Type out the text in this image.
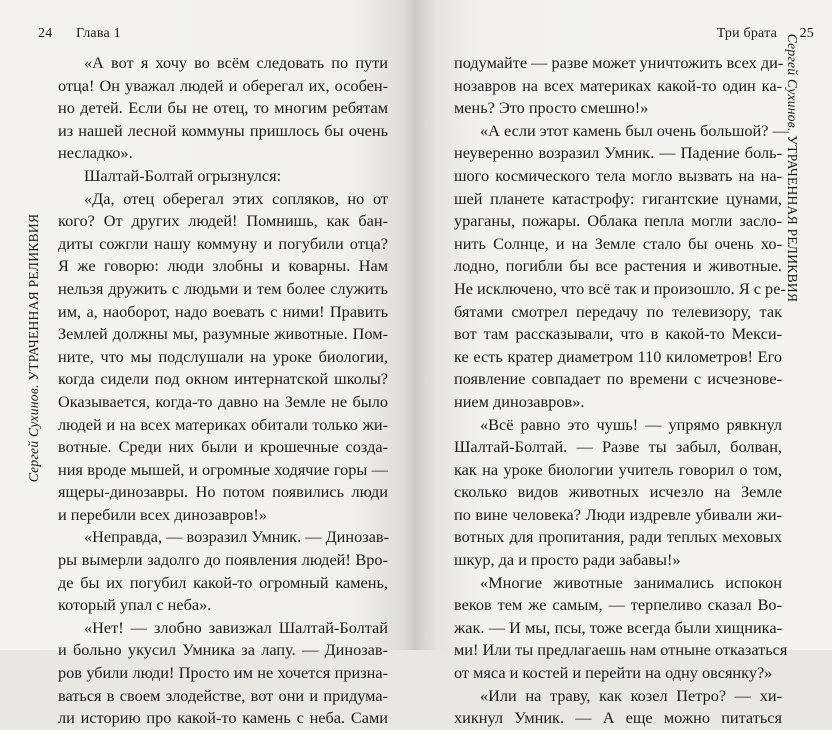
24 Глава 1
Сергей Сухинов. УТРАЧЕННАЯ РЕЛИКВИЯ
«А вот я хочу во всём следовать по пути
отца! Он уважал людей и оберегал их, особен-
но детей. Если бы не отец, то многим ребятам
из нашей лесной коммуны пришлось бы очень
несладко».
Шалтай-Болтай огрызнулся:
«Да, отец оберегал этих сопляков, но от
кого? От других людей! Помнишь, как бан-
диты сожгли нашу коммуну и погубили отца?
Я же говорю: люди злобны и коварны. Нам
нельзя дружить с людьми и тем более служить
им, а, наоборот, надо воевать с ними! Править
Землей должны мы, разумные животные. Пом-
ните, что мы подслушали на уроке биологии,
когда сидели под окном интернатской школы?
Оказывается, когда-то давно на Земле не было
людей и на всех материках обитали только жи-
вотные. Среди них были и крошечные созда-
ния вроде мышей, и огромные ходячие горы —
ящеры-динозавры. Но потом появились люди
и перебили всех динозавров!»
«Неправда, — возразил Умник. — Динозав-
ры вымерли задолго до появления людей! Вро-
де бы их погубил какой-то огромный камень,
который упал с неба».
«Нет! — злобно завизжал Шалтай-Болтай
и больно укусил Умника за лапу. — Динозав-
ров убили люди! Просто им не хочется призна-
ваться в своем злодействе, вот они и придума-
ли историю про какой-то камень с неба. Сами
Три брата 25
Сергей Сухинов. УТРАЧЕННАЯ РЕЛИКВИЯ
подумайте — разве может уничтожить всех ди-
нозавров на всех материках какой-то один ка-
мень? Это просто смешно!»
«А если этот камень был очень большой? —
неуверенно возразил Умник. — Падение боль-
шого космического тела могло вызвать на на-
шей планете катастрофу: гигантские цунами,
ураганы, пожары. Облака пепла могли заслο-
нить Солнце, и на Земле стало бы очень хо-
лодно, погибли бы все растения и животные.
Не исключено, что всё так и произошло. Я с ре-
бятами смотрел передачу по телевизору, так
вот там рассказывали, что в какой-то Мекси-
ке есть кратер диаметром 110 километров! Его
появление совпадает по времени с исчезнове-
нием динозавров».
«Всё равно это чушь! — упрямо рявкнул
Шалтай-Болтай. — Разве ты забыл, болван,
как на уроке биологии учитель говорил о том,
сколько видов животных исчезло на Земле
по вине человека? Люди издревле убивали жи-
вотных для пропитания, ради теплых меховых
шкур, да и просто ради забавы!»
«Многие животные занимались испокон
веков тем же самым, — терпеливо сказал Во-
жак. — И мы, псы, тоже всегда были хищника-
ми! Или ты предлагаешь нам отныне отказаться
от мяса и костей и перейти на одну овсянку?»
«Или на траву, как козел Петро? — хи-
хикнул Умник. — А еще можно питаться
